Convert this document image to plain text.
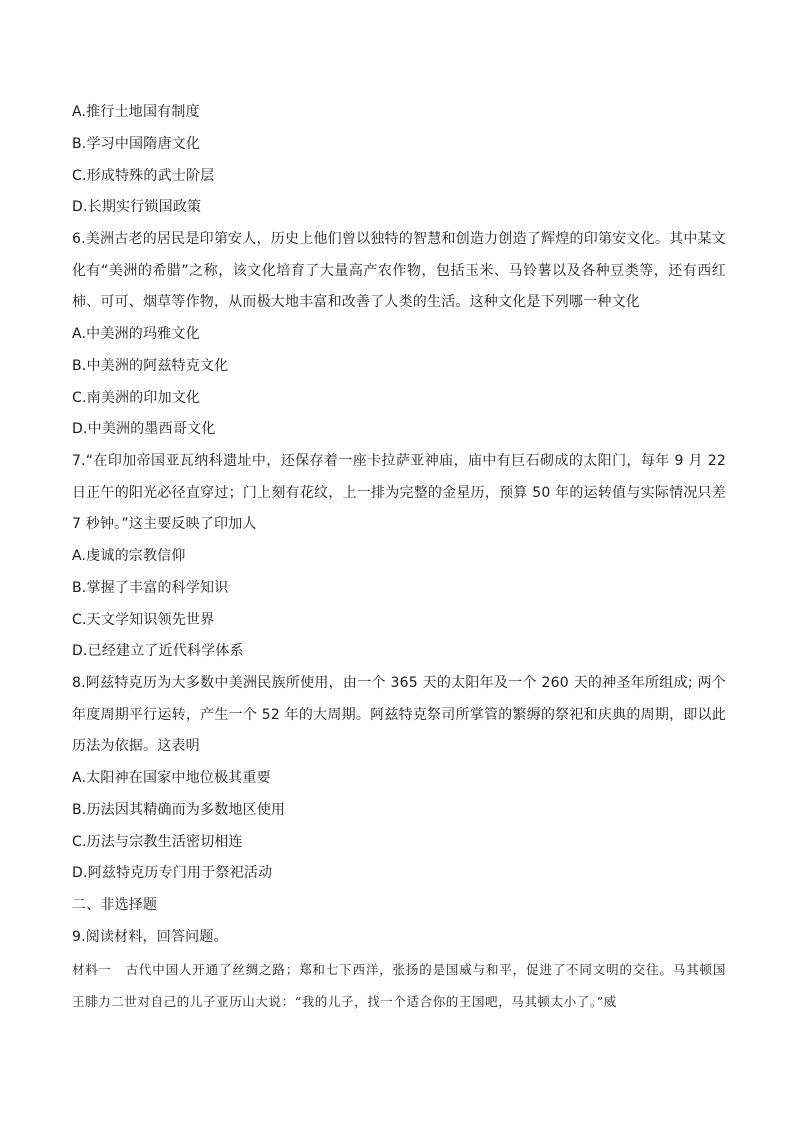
A.推行土地国有制度
B.学习中国隋唐文化
C.形成特殊的武士阶层
D.长期实行锁国政策
6.美洲古老的居民是印第安人，历史上他们曾以独特的智慧和创造力创造了辉煌的印第安文化。其中某文化有“美洲的希腊”之称，该文化培育了大量高产农作物，包括玉米、马铃薯以及各种豆类等，还有西红柿、可可、烟草等作物，从而极大地丰富和改善了人类的生活。这种文化是下列哪一种文化
A.中美洲的玛雅文化
B.中美洲的阿兹特克文化
C.南美洲的印加文化
D.中美洲的墨西哥文化
7.“在印加帝国亚瓦纳科遗址中，还保存着一座卡拉萨亚神庙，庙中有巨石砌成的太阳门，每年 9 月 22 日正午的阳光必径直穿过；门上刻有花纹，上一排为完整的金星历，预算 50 年的运转值与实际情况只差 7 秒钟。”这主要反映了印加人
A.虔诚的宗教信仰
B.掌握了丰富的科学知识
C.天文学知识领先世界
D.已经建立了近代科学体系
8.阿兹特克历为大多数中美洲民族所使用，由一个 365 天的太阳年及一个 260 天的神圣年所组成; 两个年度周期平行运转，产生一个 52 年的大周期。阿兹特克祭司所掌管的繁缛的祭祀和庆典的周期，即以此历法为依据。这表明
A.太阳神在国家中地位极其重要
B.历法因其精确而为多数地区使用
C.历法与宗教生活密切相连
D.阿兹特克历专门用于祭祀活动
二、非选择题
9.阅读材料，回答问题。
材料一 古代中国人开通了丝绸之路；郑和七下西洋，张扬的是国威与和平，促进了不同文明的交往。马其顿国王腓力二世对自己的儿子亚历山大说：“我的儿子，找一个适合你的王国吧，马其顿太小了。”威
